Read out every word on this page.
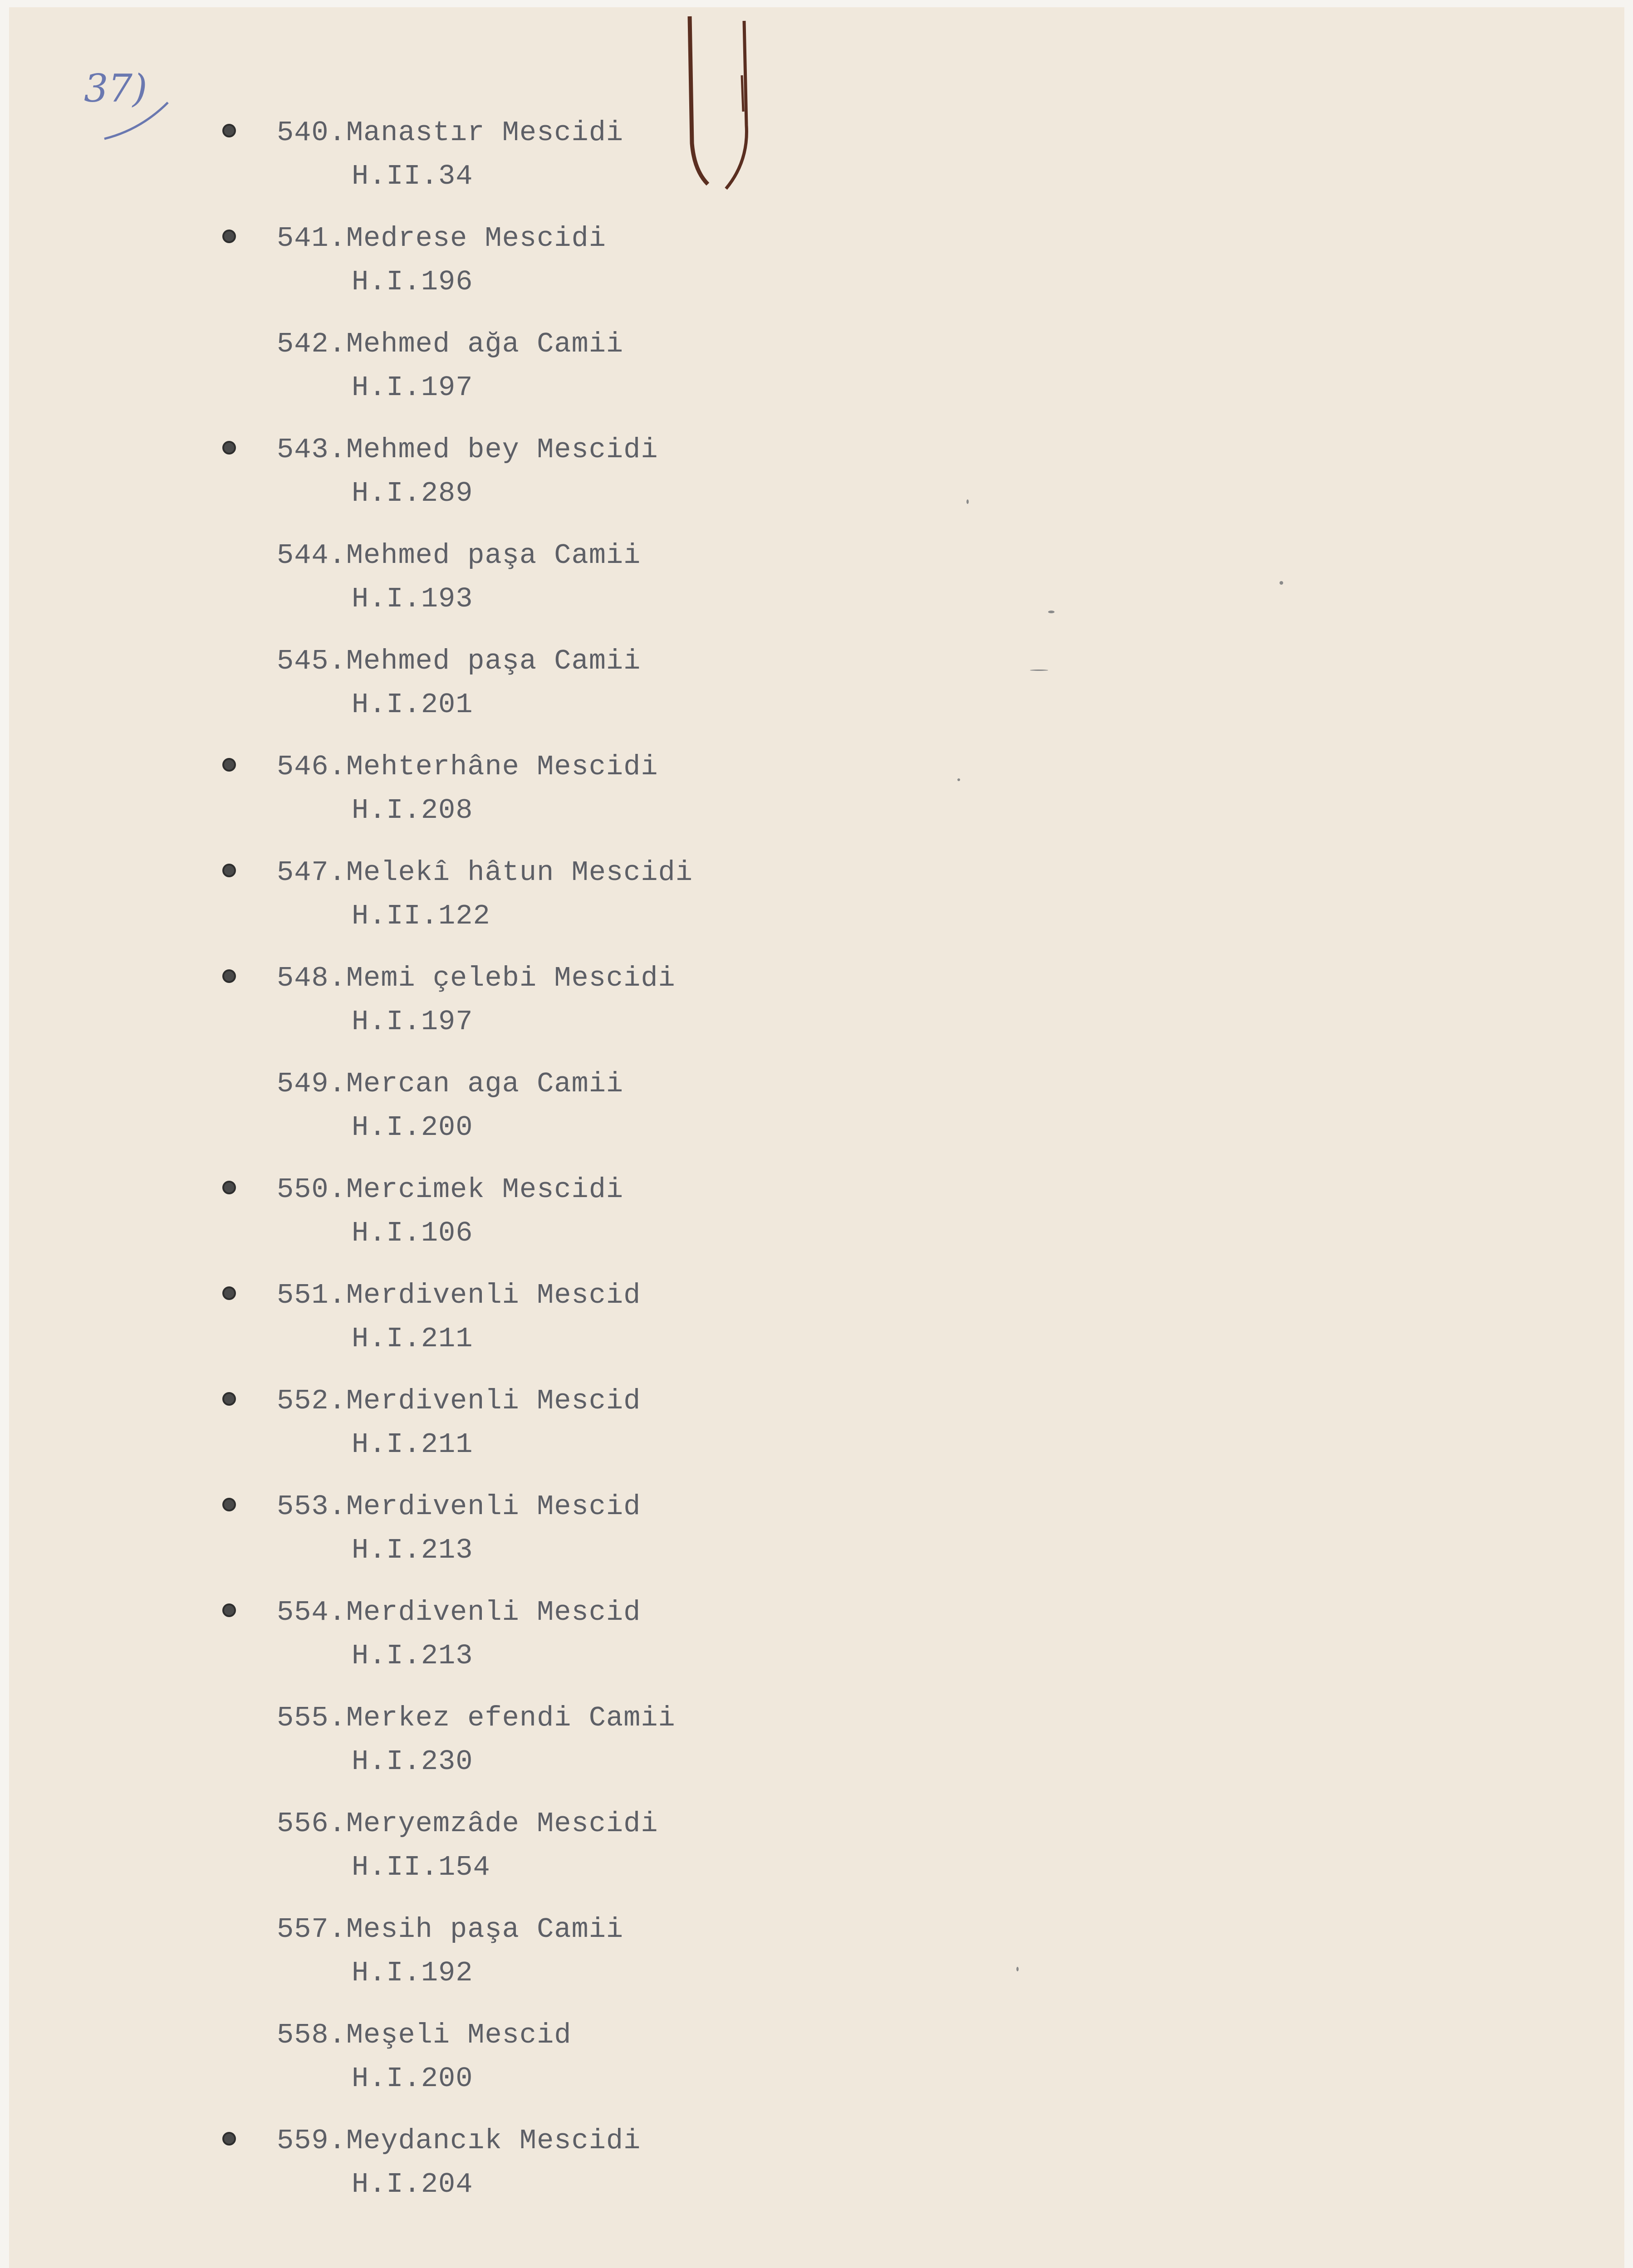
37)
540.Manastır Mescidi
H.II.34
541.Medrese Mescidi
H.I.196
542.Mehmed ağa Camii
H.I.197
543.Mehmed bey Mescidi
H.I.289
544.Mehmed paşa Camii
H.I.193
545.Mehmed paşa Camii
H.I.201
546.Mehterhâne Mescidi
H.I.208
547.Melekî hâtun Mescidi
H.II.122
548.Memi çelebi Mescidi
H.I.197
549.Mercan aga Camii
H.I.200
550.Mercimek Mescidi
H.I.106
551.Merdivenli Mescid
H.I.211
552.Merdivenli Mescid
H.I.211
553.Merdivenli Mescid
H.I.213
554.Merdivenli Mescid
H.I.213
555.Merkez efendi Camii
H.I.230
556.Meryemzâde Mescidi
H.II.154
557.Mesih paşa Camii
H.I.192
558.Meşeli Mescid
H.I.200
559.Meydancık Mescidi
H.I.204
